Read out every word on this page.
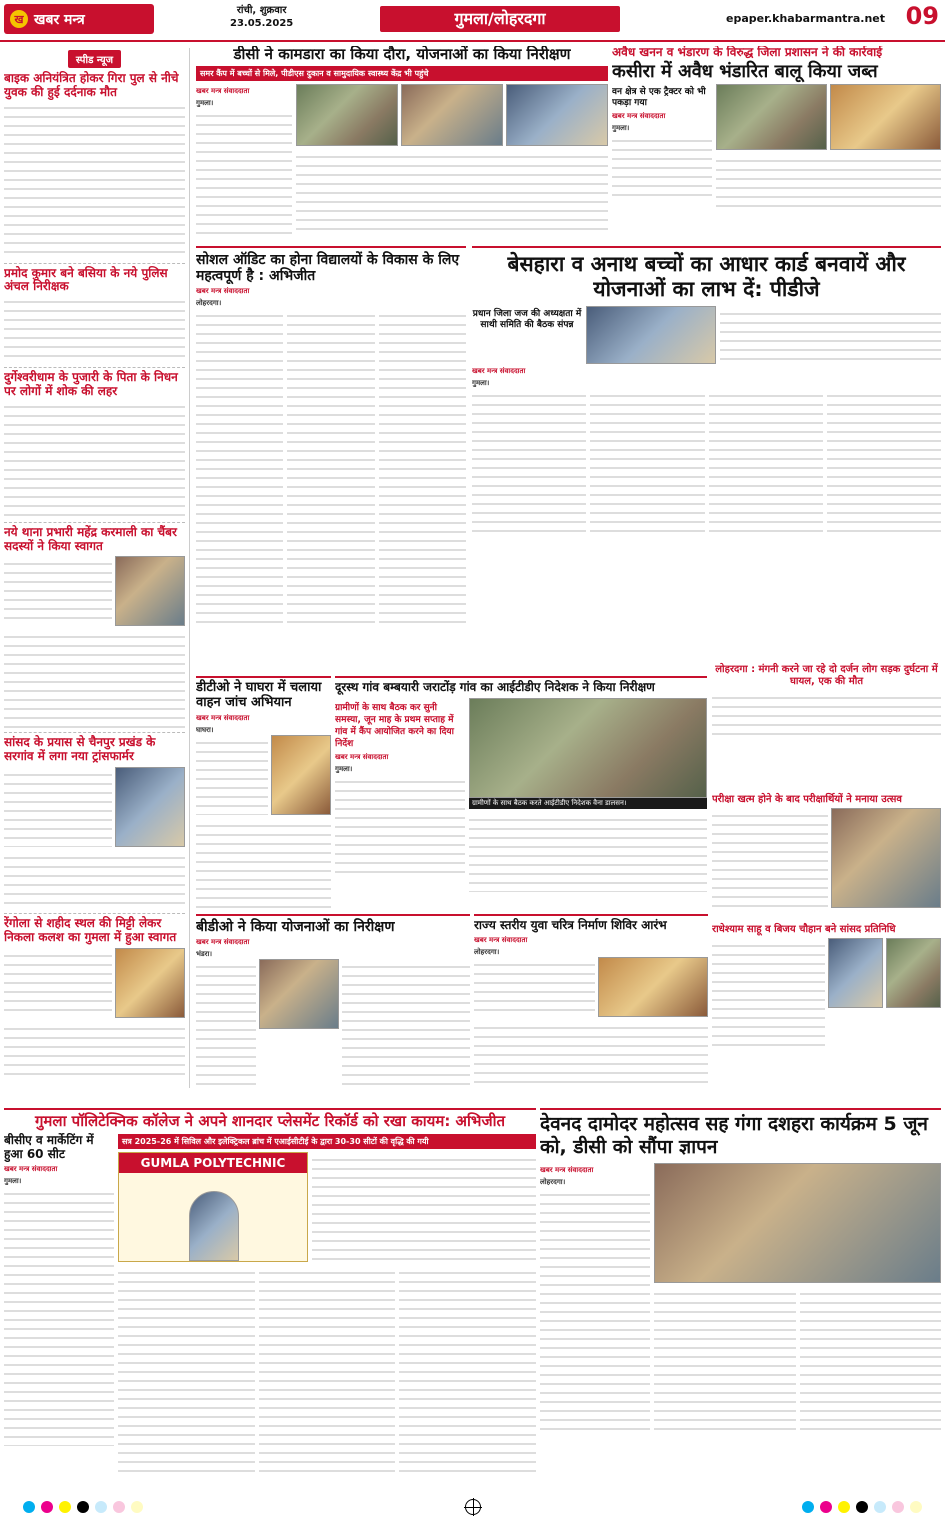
ख खबर मन्त्र
रांची, शुक्रवार
23.05.2025	गुमला/लोहरदगा	epaper.khabarmantra.net 09
स्पीड न्यूज
बाइक अनियंत्रित होकर गिरा पुल से नीचे युवक की हुई दर्दनाक मौत
प्रमोद कुमार बने बसिया के नये पुलिस अंचल निरीक्षक
दुर्गेश्वरीधाम के पुजारी के पिता के निधन पर लोगों में शोक की लहर
नये थाना प्रभारी महेंद्र करमाली का चैंबर सदस्यों ने किया स्वागत
सांसद के प्रयास से चैनपुर प्रखंड के सरगांव में लगा नया ट्रांसफार्मर
रेंगोला से शहीद स्थल की मिट्टी लेकर निकला कलश का गुमला में हुआ स्वागत
डीसी ने कामडारा का किया दौरा, योजनाओं का किया निरीक्षण
समर कैंप में बच्चों से मिले, पीडीएस दुकान व सामुदायिक स्वास्थ्य केंद्र भी पहुंचे
खबर मन्त्र संवाददाता
गुमला।
अवैध खनन व भंडारण के विरुद्ध जिला प्रशासन ने की कार्रवाई
कसीरा में अवैध भंडारित बालू किया जब्त
वन क्षेत्र से एक ट्रैक्टर को भी पकड़ा गया
खबर मन्त्र संवाददाता
गुमला।
सोशल ऑडिट का होना विद्यालयों के विकास के लिए महत्वपूर्ण है : अभिजीत
खबर मन्त्र संवाददाता
लोहरदगा।
बेसहारा व अनाथ बच्चों का आधार कार्ड बनवायें और योजनाओं का लाभ दें: पीडीजे
प्रधान जिला जज की अध्यक्षता में साथी समिति की बैठक संपन्न
खबर मन्त्र संवाददाता
गुमला।
लोहरदगा : मंगनी करने जा रहे दो दर्जन लोग सड़क दुर्घटना में घायल, एक की मौत
परीक्षा खत्म होने के बाद परीक्षार्थियों ने मनाया उत्सव
राधेश्याम साहू व बिजय चौहान बने सांसद प्रतिनिधि
डीटीओ ने घाघरा में चलाया वाहन जांच अभियान
खबर मन्त्र संवाददाता
घाघरा।
दूरस्थ गांव बम्बयारी जराटोंड़ गांव का आईटीडीए निदेशक ने किया निरीक्षण
ग्रामीणों के साथ बैठक कर सुनी समस्या, जून माह के प्रथम सप्ताह में गांव में कैंप आयोजित करने का दिया निर्देश
खबर मन्त्र संवाददाता
गुमला।
ग्रामीणों के साथ बैठक करते आईटीडीए निदेशक वैना डालसन।
बीडीओ ने किया योजनाओं का निरीक्षण
खबर मन्त्र संवाददाता
भंडरा।
राज्य स्तरीय युवा चरित्र निर्माण शिविर आरंभ
खबर मन्त्र संवाददाता
लोहरदगा।
गुमला पॉलिटेक्निक कॉलेज ने अपने शानदार प्लेसमेंट रिकॉर्ड को रखा कायम: अभिजीत
बीसीए व मार्केटिंग में हुआ 60 सीट
खबर मन्त्र संवाददाता
गुमला।
सत्र 2025-26 में सिविल और इलेक्ट्रिकल ब्रांच में एआईसीटीई के द्वारा 30-30 सीटों की वृद्धि की गयी
GUMLA POLYTECHNIC
देवनद दामोदर महोत्सव सह गंगा दशहरा कार्यक्रम 5 जून को, डीसी को सौंपा ज्ञापन
खबर मन्त्र संवाददाता
लोहरदगा।
